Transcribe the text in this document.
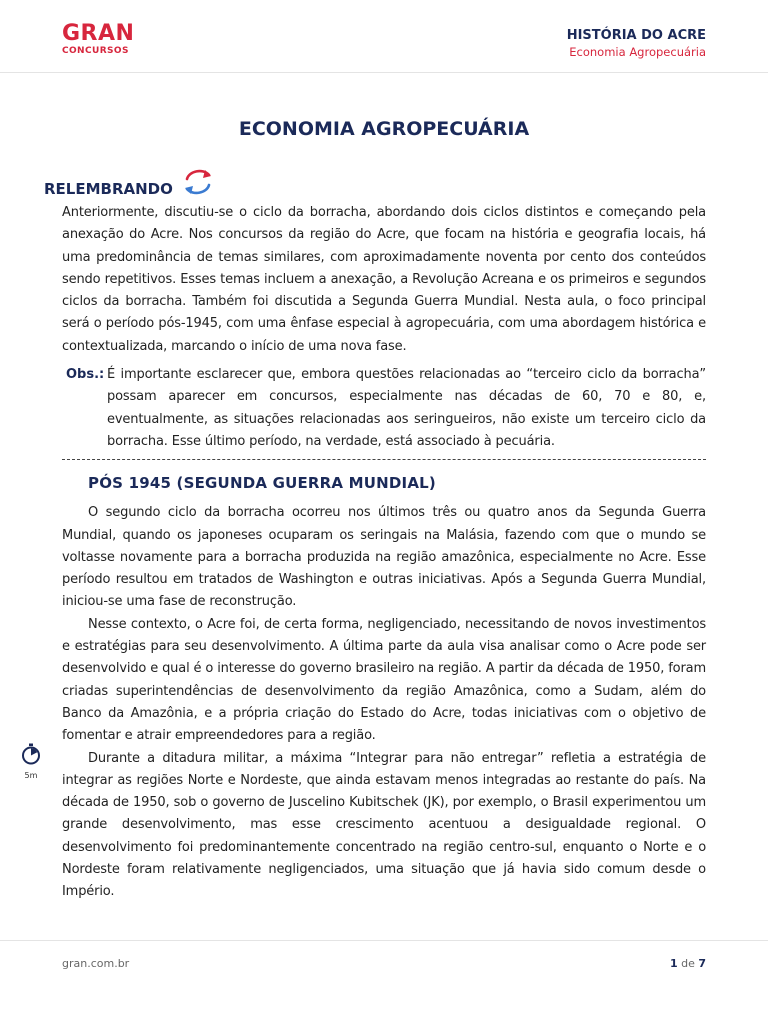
GRAN
CONCURSOS
HISTÓRIA DO ACRE
Economia Agropecuária
ECONOMIA AGROPECUÁRIA
RELEMBRANDO

Anteriormente, discutiu-se o ciclo da borracha, abordando dois ciclos distintos e começando pela anexação do Acre. Nos concursos da região do Acre, que focam na história e geografia locais, há uma predominância de temas similares, com aproximadamente noventa por cento dos conteúdos sendo repetitivos. Esses temas incluem a anexação, a Revolução Acreana e os primeiros e segundos ciclos da borracha. Também foi discutida a Segunda Guerra Mundial. Nesta aula, o foco principal será o período pós-1945, com uma ênfase especial à agropecuária, com uma abordagem histórica e contextualizada, marcando o início de uma nova fase.

Obs.: É importante esclarecer que, embora questões relacionadas ao “terceiro ciclo da borracha” possam aparecer em concursos, especialmente nas décadas de 60, 70 e 80, e, eventualmente, as situações relacionadas aos seringueiros, não existe um terceiro ciclo da borracha. Esse último período, na verdade, está associado à pecuária.

PÓS 1945 (SEGUNDA GUERRA MUNDIAL)

O segundo ciclo da borracha ocorreu nos últimos três ou quatro anos da Segunda Guerra Mundial, quando os japoneses ocuparam os seringais na Malásia, fazendo com que o mundo se voltasse novamente para a borracha produzida na região amazônica, especialmente no Acre. Esse período resultou em tratados de Washington e outras iniciativas. Após a Segunda Guerra Mundial, iniciou-se uma fase de reconstrução.

Nesse contexto, o Acre foi, de certa forma, negligenciado, necessitando de novos investimentos e estratégias para seu desenvolvimento. A última parte da aula visa analisar como o Acre pode ser desenvolvido e qual é o interesse do governo brasileiro na região. A partir da década de 1950, foram criadas superintendências de desenvolvimento da região Amazônica, como a Sudam, além do Banco da Amazônia, e a própria criação do Estado do Acre, todas iniciativas com o objetivo de fomentar e atrair empreendedores para a região.

Durante a ditadura militar, a máxima “Integrar para não entregar” refletia a estratégia de integrar as regiões Norte e Nordeste, que ainda estavam menos integradas ao restante do país. Na década de 1950, sob o governo de Juscelino Kubitschek (JK), por exemplo, o Brasil experimentou um grande desenvolvimento, mas esse crescimento acentuou a desigualdade regional. O desenvolvimento foi predominantemente concentrado na região centro-sul, enquanto o Norte e o Nordeste foram relativamente negligenciados, uma situação que já havia sido comum desde o Império.

5m
gran.com.br	1 de 7
